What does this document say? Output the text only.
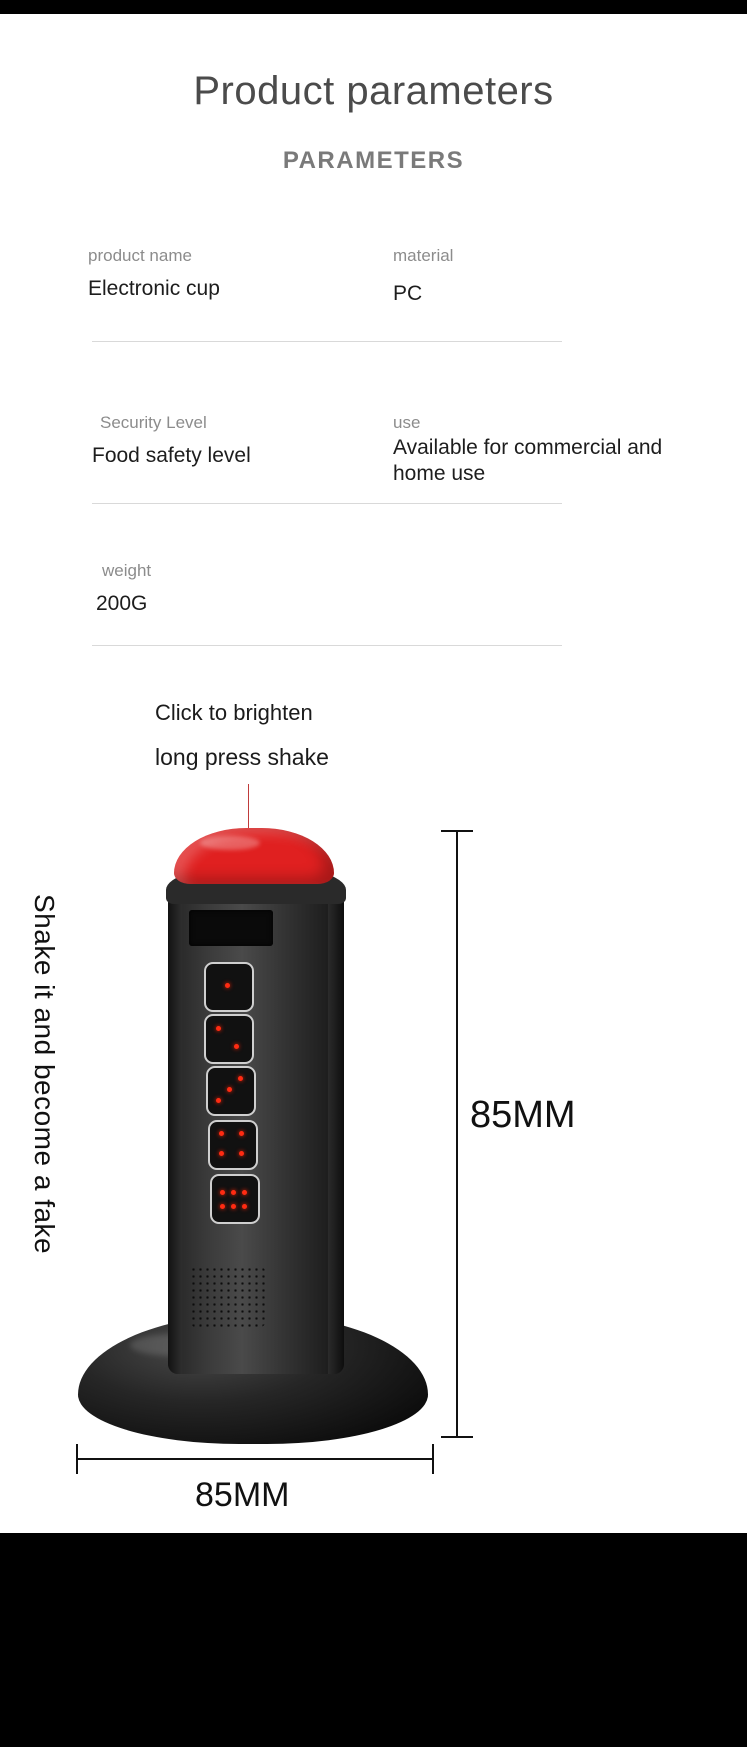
Product parameters
PARAMETERS
product name
Electronic cup
material
PC
Security Level
Food safety level
use
Available for commercial and home use
weight
200G
Click to brighten
long press shake
Shake it and become a fake	85MM
85MM
